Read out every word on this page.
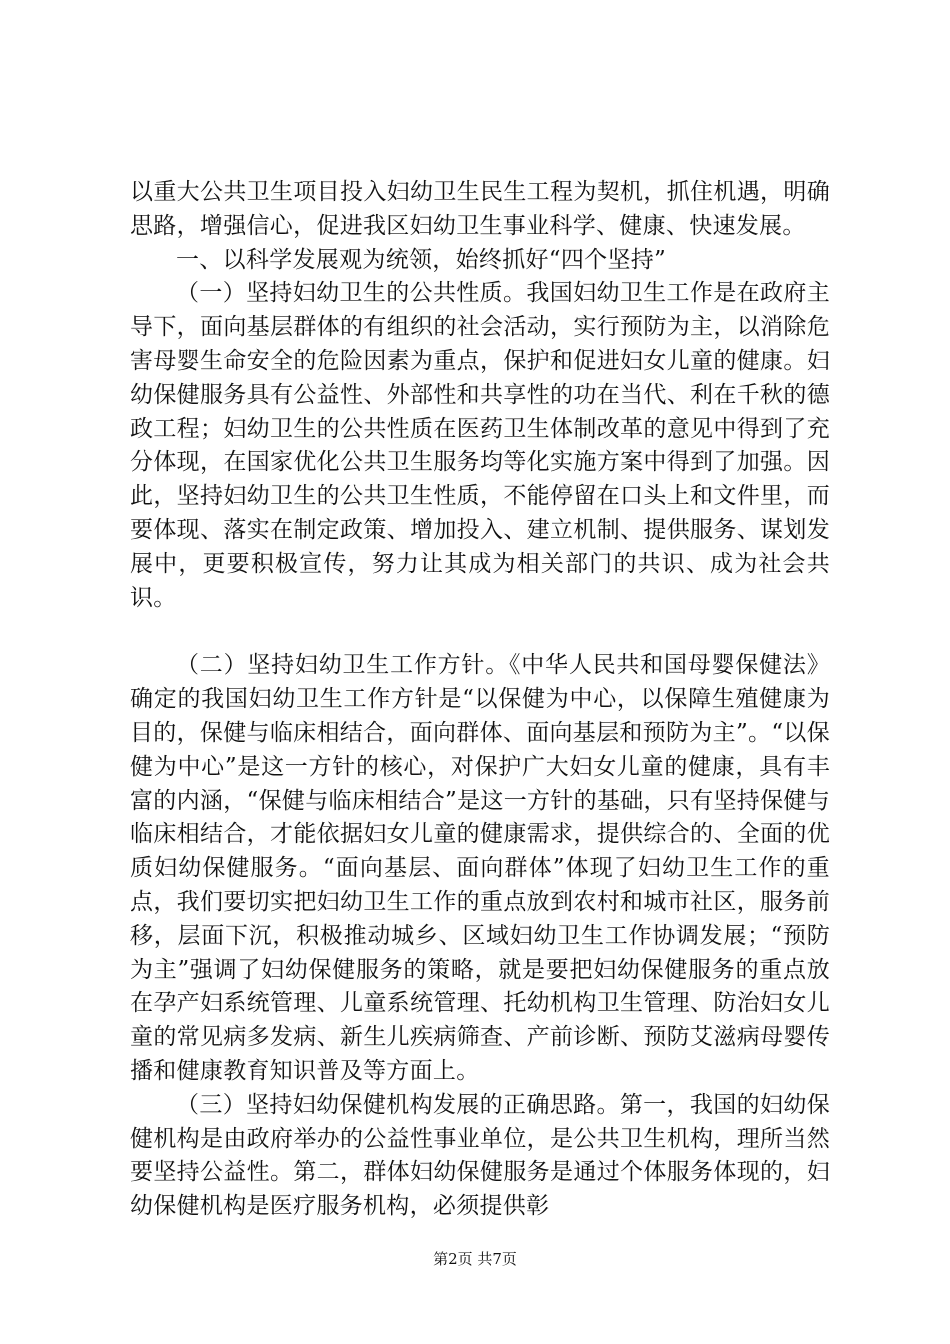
以重大公共卫生项目投入妇幼卫生民生工程为契机，抓住机遇，明确思路，增强信心，促进我区妇幼卫生事业科学、健康、快速发展。

一、以科学发展观为统领，始终抓好“四个坚持”

（一）坚持妇幼卫生的公共性质。我国妇幼卫生工作是在政府主导下，面向基层群体的有组织的社会活动，实行预防为主，以消除危害母婴生命安全的危险因素为重点，保护和促进妇女儿童的健康。妇幼保健服务具有公益性、外部性和共享性的功在当代、利在千秋的德政工程；妇幼卫生的公共性质在医药卫生体制改革的意见中得到了充分体现，在国家优化公共卫生服务均等化实施方案中得到了加强。因此，坚持妇幼卫生的公共卫生性质，不能停留在口头上和文件里，而要体现、落实在制定政策、增加投入、建立机制、提供服务、谋划发展中，更要积极宣传，努力让其成为相关部门的共识、成为社会共识。

（二）坚持妇幼卫生工作方针。《中华人民共和国母婴保健法》确定的我国妇幼卫生工作方针是“以保健为中心，以保障生殖健康为目的，保健与临床相结合，面向群体、面向基层和预防为主”。“以保健为中心”是这一方针的核心，对保护广大妇女儿童的健康，具有丰富的内涵，“保健与临床相结合”是这一方针的基础，只有坚持保健与临床相结合，才能依据妇女儿童的健康需求，提供综合的、全面的优质妇幼保健服务。“面向基层、面向群体”体现了妇幼卫生工作的重点，我们要切实把妇幼卫生工作的重点放到农村和城市社区，服务前移，层面下沉，积极推动城乡、区域妇幼卫生工作协调发展；“预防为主”强调了妇幼保健服务的策略，就是要把妇幼保健服务的重点放在孕产妇系统管理、儿童系统管理、托幼机构卫生管理、防治妇女儿童的常见病多发病、新生儿疾病筛查、产前诊断、预防艾滋病母婴传播和健康教育知识普及等方面上。

（三）坚持妇幼保健机构发展的正确思路。第一，我国的妇幼保健机构是由政府举办的公益性事业单位，是公共卫生机构，理所当然要坚持公益性。第二，群体妇幼保健服务是通过个体服务体现的，妇幼保健机构是医疗服务机构，必须提供彰

第2页 共7页
